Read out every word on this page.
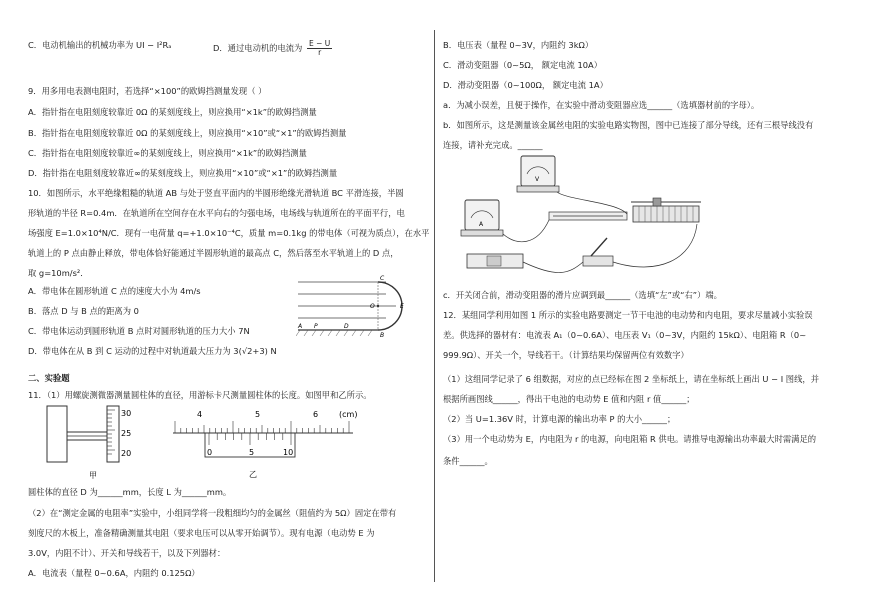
C．电动机输出的机械功率为 UI − I²Rₐ	D．通过电动机的电流为 $\frac{E - U}{r}$
9．用多用电表测电阻时，若选择“×100”的欧姆挡测量发现（ ）
A．指针指在电阻刻度较靠近 0Ω 的某刻度线上，则应换用“×1k”的欧姆挡测量
B．指针指在电阻刻度较靠近 0Ω 的某刻度线上，则应换用“×10”或“×1”的欧姆挡测量
C．指针指在电阻刻度较靠近∞的某刻度线上，则应换用“×1k”的欧姆挡测量
D．指针指在电阻刻度较靠近∞的某刻度线上，则应换用“×10”或“×1”的欧姆挡测量
10．如图所示，水平绝缘粗糙的轨道 AB 与处于竖直平面内的半圆形绝缘光滑轨道 BC 平滑连接，半圆
形轨道的半径 R=0.4m．在轨道所在空间存在水平向右的匀强电场，电场线与轨道所在的平面平行，电
场强度 E=1.0×10⁴N/C．现有一电荷量 q=+1.0×10⁻⁴C，质量 m=0.1kg 的带电体（可视为质点），在水平
轨道上的 P 点由静止释放，带电体恰好能通过半圆形轨道的最高点 C，然后落至水平轨道上的 D 点，
取 g=10m/s²．
A．带电体在圆形轨道 C 点的速度大小为 4m/s
B．落点 D 与 B 点的距离为 0
C．带电体运动到圆形轨道 B 点时对圆形轨道的压力大小 7N
D．带电体在从 B 到 C 运动的过程中对轨道最大压力为 3(√2+3) N
C
O	E
A P	D
B
二、实验题
11．（1）用螺旋测微器测量圆柱体的直径，用游标卡尺测量圆柱体的长度。如图甲和乙所示。
30
25
20
甲
4	5	6	(cm)
0	5	10
乙
圆柱体的直径 D 为______mm，长度 L 为______mm。
（2）在“测定金属的电阻率”实验中，小组同学将一段粗细均匀的金属丝（阻值约为 5Ω）固定在带有
刻度尺的木板上，准备精确测量其电阻（要求电压可以从零开始调节）。现有电源（电动势 E 为
3.0V，内阻不计）、开关和导线若干，以及下列器材：
A．电流表（量程 0~0.6A，内阻约 0.125Ω）
B．电压表（量程 0~3V，内阻约 3kΩ）
C．滑动变阻器（0~5Ω， 额定电流 10A）
D．滑动变阻器（0~100Ω， 额定电流 1A）
a．为减小误差，且便于操作，在实验中滑动变阻器应选______（选填器材前的字母）。
b．如图所示，这是测量该金属丝电阻的实验电路实物图，图中已连接了部分导线，还有三根导线没有
连接，请补充完成。______
V
A
c．开关闭合前，滑动变阻器的滑片应调到最______（选填“左”或“右”）端。
12．某组同学利用如图 1 所示的实验电路要测定一节干电池的电动势和内电阻，要求尽量减小实验误
差。供选择的器材有：电流表 A₁（0~0.6A）、电压表 V₁（0~3V，内阻约 15kΩ）、电阻箱 R（0~
999.9Ω）、开关一个，导线若干。（计算结果均保留两位有效数字）
（1）这组同学记录了 6 组数据，对应的点已经标在图 2 坐标纸上，请在坐标纸上画出 U − I 图线，并
根据所画图线______，得出干电池的电动势 E 值和内阻 r 值______；
（2）当 U=1.36V 时，计算电源的输出功率 P 的大小______；
（3）用一个电动势为 E，内电阻为 r 的电源，向电阻箱 R 供电。请推导电源输出功率最大时需满足的
条件______。
